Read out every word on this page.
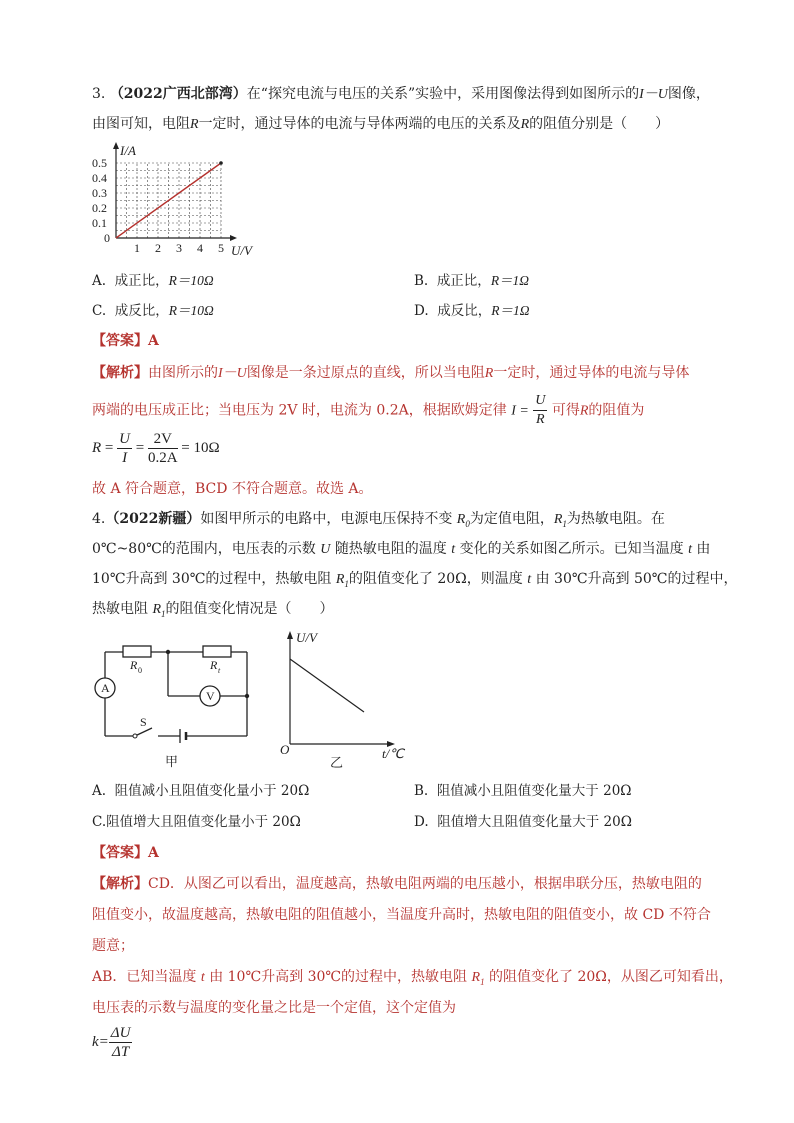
3. （2022广西北部湾）在“探究电流与电压的关系”实验中，采用图像法得到如图所示的I－U图像，
由图可知，电阻R一定时，通过导体的电流与导体两端的电压的关系及R的阻值分别是（　　）
1 2 3 4 5
0
0.1
0.2
0.3
0.4
0.5
I/A
U/V
A. 成正比，R＝10Ω	B. 成正比，R＝1Ω
C. 成反比，R＝10Ω	D. 成反比，R＝1Ω
【答案】A
【解析】由图所示的I－U图像是一条过原点的直线，所以当电阻R一定时，通过导体的电流与导体
两端的电压成正比；当电压为 2V 时，电流为 0.2A，根据欧姆定律 $I = \frac{U}{R}$ 可得R的阻值为
$R = \frac{U}{I} = \frac{2V}{0.2A} = 10\Omega$
故 A 符合题意，BCD 不符合题意。故选 A。
4.（2022新疆）如图甲所示的电路中，电源电压保持不变 $R_0$为定值电阻，$R_1$为热敏电阻。在
0℃~80℃的范围内，电压表的示数 U 随热敏电阻的温度 t 变化的关系如图乙所示。已知当温度 t 由
10℃升高到 30℃的过程中，热敏电阻 $R_1$的阻值变化了 20Ω，则温度 t 由 30℃升高到 50℃的过程中，
热敏电阻 $R_1$的阻值变化情况是（　　）
A
V
R 0	R t
S
甲
U/V
t/℃
O
乙
A. 阻值减小且阻值变化量小于 20Ω	B. 阻值减小且阻值变化量大于 20Ω
C.阻值增大且阻值变化量小于 20Ω	D. 阻值增大且阻值变化量大于 20Ω
【答案】A
【解析】CD．从图乙可以看出，温度越高，热敏电阻两端的电压越小，根据串联分压，热敏电阻的
阻值变小，故温度越高，热敏电阻的阻值越小，当温度升高时，热敏电阻的阻值变小，故 CD 不符合
题意；
AB．已知当温度 t 由 10℃升高到 30℃的过程中，热敏电阻 $R_1$ 的阻值变化了 20Ω，从图乙可知看出，
电压表的示数与温度的变化量之比是一个定值，这个定值为
$k= \frac{\Delta U}{\Delta T}$
